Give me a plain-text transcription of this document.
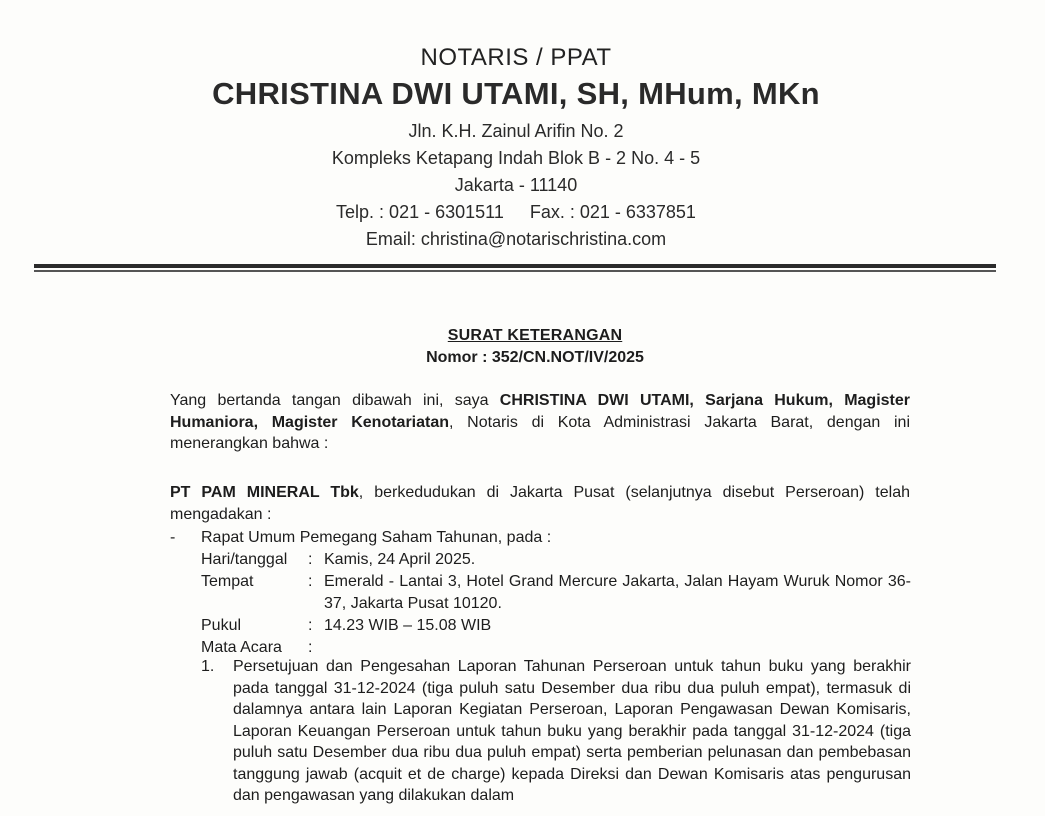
NOTARIS / PPAT
CHRISTINA DWI UTAMI, SH, MHum, MKn
Jln. K.H. Zainul Arifin No. 2
Kompleks Ketapang Indah Blok B - 2 No. 4 - 5
Jakarta - 11140
Telp. : 021 - 6301511 Fax. : 021 - 6337851
Email: christina@notarischristina.com
SURAT KETERANGAN
Nomor : 352/CN.NOT/IV/2025
Yang bertanda tangan dibawah ini, saya CHRISTINA DWI UTAMI, Sarjana Hukum, Magister Humaniora, Magister Kenotariatan, Notaris di Kota Administrasi Jakarta Barat, dengan ini menerangkan bahwa :
PT PAM MINERAL Tbk, berkedudukan di Jakarta Pusat (selanjutnya disebut Perseroan) telah mengadakan :
- Rapat Umum Pemegang Saham Tahunan, pada :
Hari/tanggal	: Kamis, 24 April 2025.
Tempat	: Emerald - Lantai 3, Hotel Grand Mercure Jakarta, Jalan Hayam Wuruk Nomor 36-37, Jakarta Pusat 10120.
Pukul	: 14.23 WIB – 15.08 WIB
Mata Acara	:
1. Persetujuan dan Pengesahan Laporan Tahunan Perseroan untuk tahun buku yang berakhir pada tanggal 31-12-2024 (tiga puluh satu Desember dua ribu dua puluh empat), termasuk di dalamnya antara lain Laporan Kegiatan Perseroan, Laporan Pengawasan Dewan Komisaris, Laporan Keuangan Perseroan untuk tahun buku yang berakhir pada tanggal 31-12-2024 (tiga puluh satu Desember dua ribu dua puluh empat) serta pemberian pelunasan dan pembebasan tanggung jawab (acquit et de charge) kepada Direksi dan Dewan Komisaris atas pengurusan dan pengawasan yang dilakukan dalam
